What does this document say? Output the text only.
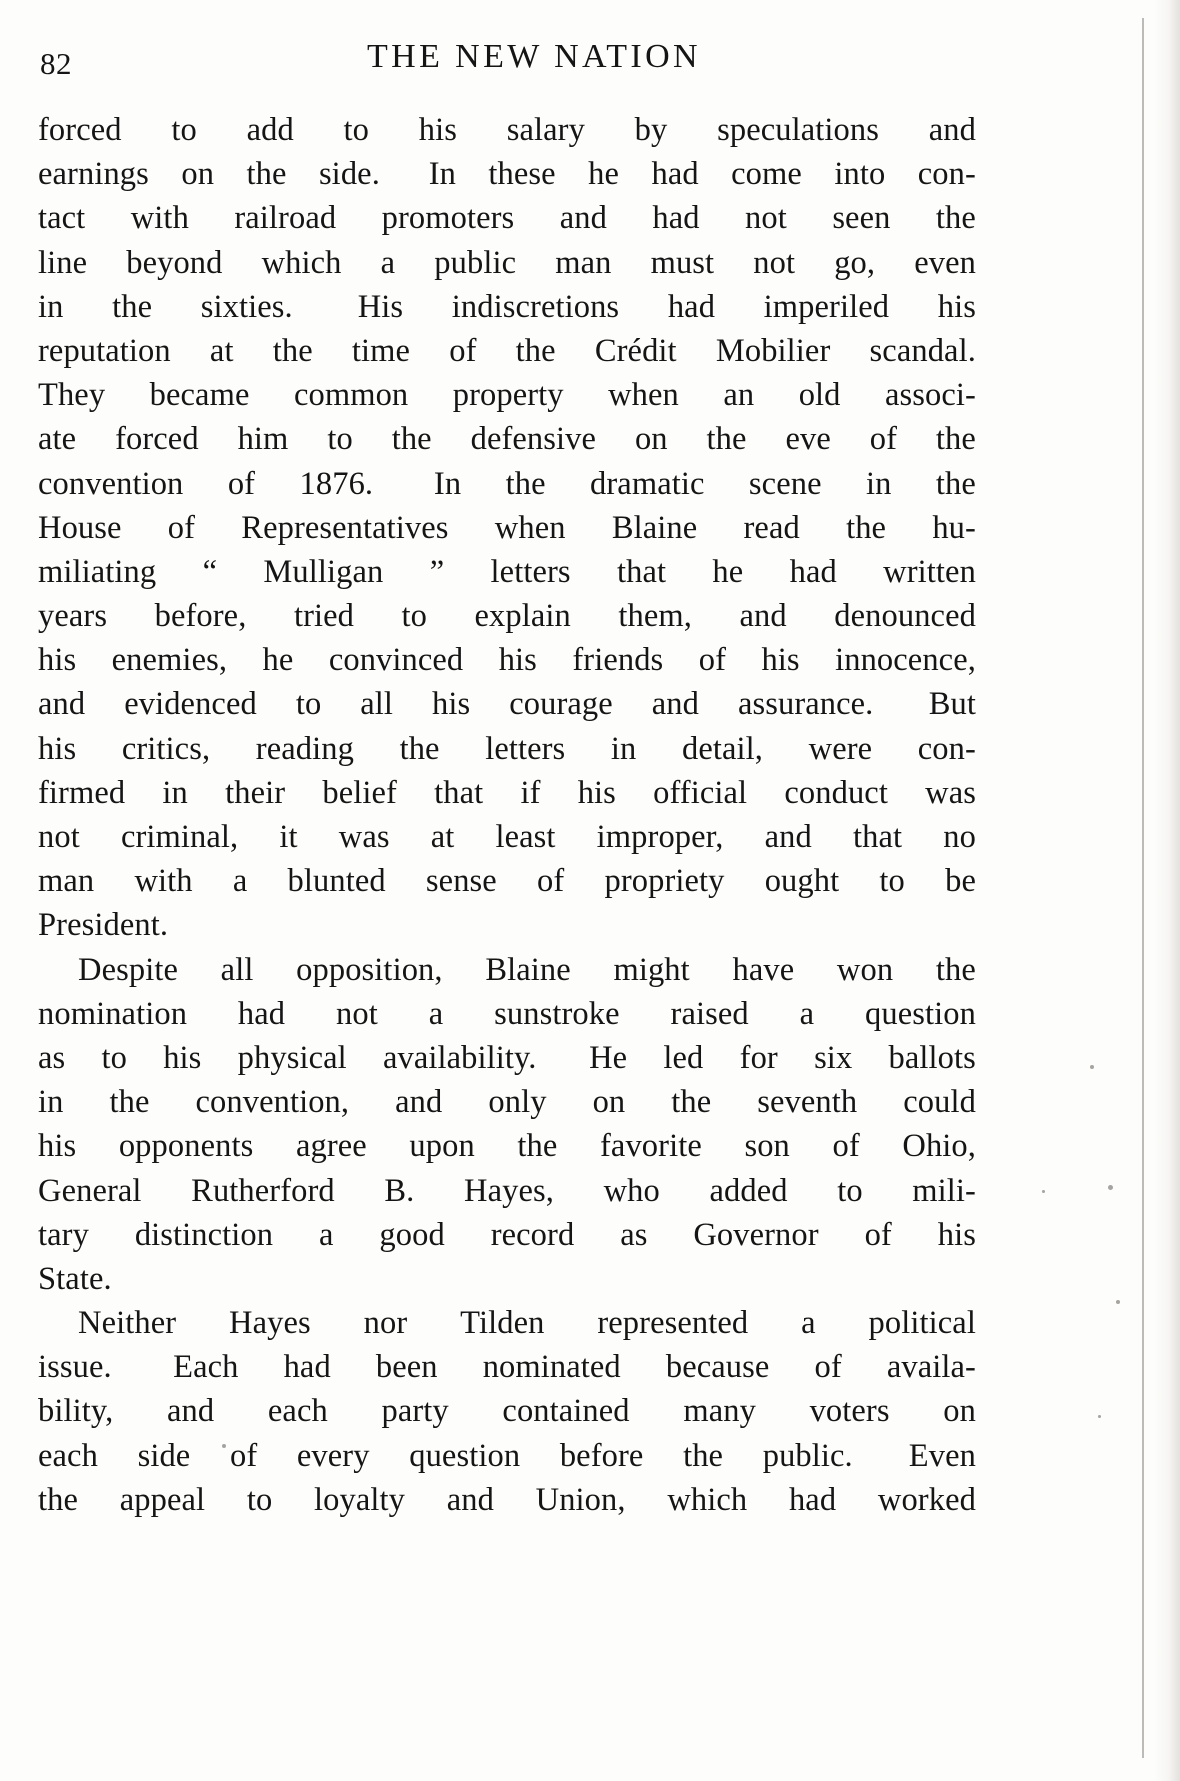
82	THE NEW NATION
forced to add to his salary by speculations and
earnings on the side.  In these he had come into con-
tact with railroad promoters and had not seen the
line beyond which a public man must not go, even
in the sixties.  His indiscretions had imperiled his
reputation at the time of the Crédit Mobilier scandal.
They became common property when an old associ-
ate forced him to the defensive on the eve of the
convention of 1876.  In the dramatic scene in the
House of Representatives when Blaine read the hu-
miliating “ Mulligan ” letters that he had written
years before, tried to explain them, and denounced
his enemies, he convinced his friends of his innocence,
and evidenced to all his courage and assurance.  But
his critics, reading the letters in detail, were con-
firmed in their belief that if his official conduct was
not criminal, it was at least improper, and that no
man with a blunted sense of propriety ought to be
President.
Despite all opposition, Blaine might have won the
nomination had not a sunstroke raised a question
as to his physical availability.  He led for six ballots
in the convention, and only on the seventh could
his opponents agree upon the favorite son of Ohio,
General Rutherford B. Hayes, who added to mili-
tary distinction a good record as Governor of his
State.
Neither Hayes nor Tilden represented a political
issue.  Each had been nominated because of availa-
bility, and each party contained many voters on
each side of every question before the public.  Even
the appeal to loyalty and Union, which had worked
